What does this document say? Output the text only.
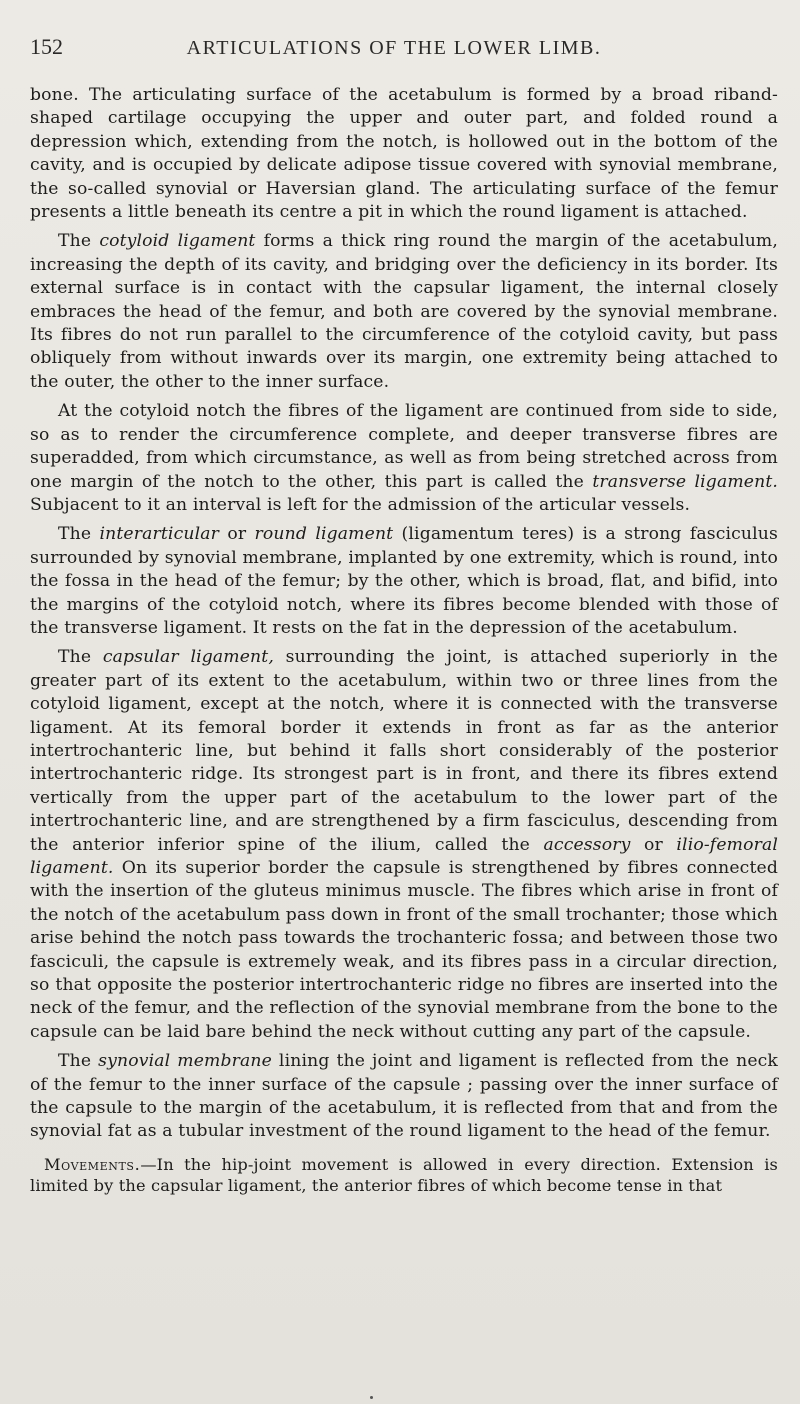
152	ARTICULATIONS OF THE LOWER LIMB.

bone. The articulating surface of the acetabulum is formed by a broad riband-shaped cartilage occupying the upper and outer part, and folded round a depression which, extending from the notch, is hollowed out in the bottom of the cavity, and is occupied by delicate adipose tissue covered with synovial membrane, the so-called synovial or Haversian gland. The articulating surface of the femur presents a little beneath its centre a pit in which the round ligament is attached.

The cotyloid ligament forms a thick ring round the margin of the acetabulum, increasing the depth of its cavity, and bridging over the deficiency in its border. Its external surface is in contact with the capsular ligament, the internal closely embraces the head of the femur, and both are covered by the synovial membrane. Its fibres do not run parallel to the circumference of the cotyloid cavity, but pass obliquely from without inwards over its margin, one extremity being attached to the outer, the other to the inner surface.

At the cotyloid notch the fibres of the ligament are continued from side to side, so as to render the circumference complete, and deeper transverse fibres are superadded, from which circumstance, as well as from being stretched across from one margin of the notch to the other, this part is called the transverse ligament. Subjacent to it an interval is left for the admission of the articular vessels.

The interarticular or round ligament (ligamentum teres) is a strong fasciculus surrounded by synovial membrane, implanted by one extremity, which is round, into the fossa in the head of the femur; by the other, which is broad, flat, and bifid, into the margins of the cotyloid notch, where its fibres become blended with those of the transverse ligament. It rests on the fat in the depression of the acetabulum.

The capsular ligament, surrounding the joint, is attached superiorly in the greater part of its extent to the acetabulum, within two or three lines from the cotyloid ligament, except at the notch, where it is connected with the transverse ligament. At its femoral border it extends in front as far as the anterior intertrochanteric line, but behind it falls short considerably of the posterior intertrochanteric ridge. Its strongest part is in front, and there its fibres extend vertically from the upper part of the acetabulum to the lower part of the intertrochanteric line, and are strengthened by a firm fasciculus, descending from the anterior inferior spine of the ilium, called the accessory or ilio-femoral ligament. On its superior border the capsule is strengthened by fibres connected with the insertion of the gluteus minimus muscle. The fibres which arise in front of the notch of the acetabulum pass down in front of the small trochanter; those which arise behind the notch pass towards the trochanteric fossa; and between those two fasciculi, the capsule is extremely weak, and its fibres pass in a circular direction, so that opposite the posterior intertrochanteric ridge no fibres are inserted into the neck of the femur, and the reflection of the synovial membrane from the bone to the capsule can be laid bare behind the neck without cutting any part of the capsule.

The synovial membrane lining the joint and ligament is reflected from the neck of the femur to the inner surface of the capsule ; passing over the inner surface of the capsule to the margin of the acetabulum, it is reflected from that and from the synovial fat as a tubular investment of the round ligament to the head of the femur.

Movements.—In the hip-joint movement is allowed in every direction. Extension is limited by the capsular ligament, the anterior fibres of which become tense in that
